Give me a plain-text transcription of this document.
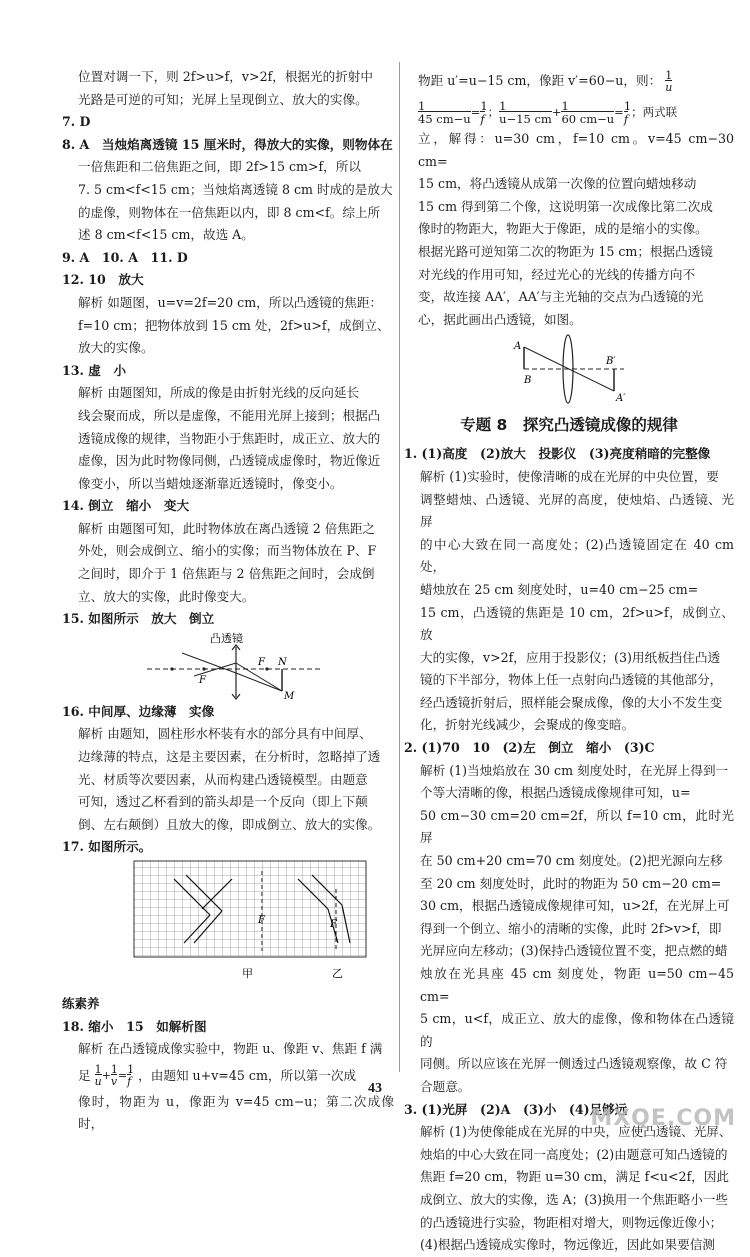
位置对调一下，则 2f>u>f，v>2f，根据光的折射中

光路是可逆的可知；光屏上呈现倒立、放大的实像。

7. D

8. A　当烛焰离透镜 15 厘米时，得放大的实像，则物体在

一倍焦距和二倍焦距之间，即 2f>15 cm>f，所以

7. 5 cm<f<15 cm；当烛焰离透镜 8 cm 时成的是放大

的虚像，则物体在一倍焦距以内，即 8 cm<f。综上所

述 8 cm<f<15 cm，故选 A。

9. A　10. A　11. D

12. 10　放大

解析 如题图，u=v=2f=20 cm，所以凸透镜的焦距：

f=10 cm；把物体放到 15 cm 处，2f>u>f，成倒立、

放大的实像。

13. 虚　小

解析 由题图知，所成的像是由折射光线的反向延长

线会聚而成，所以是虚像，不能用光屏上接到；根据凸

透镜成像的规律，当物距小于焦距时，成正立、放大的

虚像，因为此时物像同侧，凸透镜成虚像时，物近像近

像变小，所以当蜡烛逐渐靠近透镜时，像变小。

14. 倒立　缩小　变大

解析 由题图可知，此时物体放在离凸透镜 2 倍焦距之

外处，则会成倒立、缩小的实像；而当物体放在 P、F

之间时，即介于 1 倍焦距与 2 倍焦距之间时，会成倒

立、放大的实像，此时像变大。

15. 如图所示　放大　倒立

凸透镜
F
F N
M

16. 中间厚、边缘薄　实像

解析 由题知，圆柱形水杯装有水的部分具有中间厚、

边缘薄的特点，这是主要因素，在分析时，忽略掉了透

光、材质等次要因素，从而构建凸透镜模型。由题意

可知，透过乙杯看到的箭头却是一个反向（即上下颠

倒、左右颠倒）且放大的像，即成倒立、放大的实像。

17. 如图所示。

F	F
甲	乙

练素养

18. 缩小　15　如解析图

解析 在凸透镜成像实验中，物距 u、像距 v、焦距 f 满

足 $\frac{1}{u}+\frac{1}{v}=\frac{1}{f}$ ，由题知 u+v=45 cm，所以第一次成

像时，物距为 u，像距为 v=45 cm−u；第二次成像时，

物距 u′=u−15 cm，像距 v′=60−u，则： $\frac{1}{u}$

$\frac{1}{45 cm-u}=\frac{1}{f}$；$\frac{1}{u-15 cm}+\frac{1}{60 cm-u}=\frac{1}{f}$；两式联

立，解得：u=30 cm，f=10 cm。v=45 cm−30 cm=

15 cm，将凸透镜从成第一次像的位置向蜡烛移动

15 cm 得到第二个像，这说明第一次成像比第二次成

像时的物距大，物距大于像距，成的是缩小的实像。

根据光路可逆知第二次的物距为 15 cm；根据凸透镜

对光线的作用可知，经过光心的光线的传播方向不

变，故连接 AA′，AA′与主光轴的交点为凸透镜的光

心，据此画出凸透镜，如图。

A
B
B′
A′

专题 8　探究凸透镜成像的规律

1. (1)高度　(2)放大　投影仪　(3)亮度稍暗的完整像

解析 (1)实验时，使像清晰的成在光屏的中央位置，要

调整蜡烛、凸透镜、光屏的高度，使烛焰、凸透镜、光屏

的中心大致在同一高度处；(2)凸透镜固定在 40 cm 处，

蜡烛放在 25 cm 刻度处时，u=40 cm−25 cm=

15 cm，凸透镜的焦距是 10 cm，2f>u>f，成倒立、放

大的实像，v>2f，应用于投影仪；(3)用纸板挡住凸透

镜的下半部分，物体上任一点射向凸透镜的其他部分，

经凸透镜折射后，照样能会聚成像，像的大小不发生变

化，折射光线减少，会聚成的像变暗。

2. (1)70　10　(2)左　倒立　缩小　(3)C

解析 (1)当烛焰放在 30 cm 刻度处时，在光屏上得到一

个等大清晰的像，根据凸透镜成像规律可知，u=

50 cm−30 cm=20 cm=2f，所以 f=10 cm，此时光屏

在 50 cm+20 cm=70 cm 刻度处。(2)把光源向左移

至 20 cm 刻度处时，此时的物距为 50 cm−20 cm=

30 cm，根据凸透镜成像规律可知，u>2f，在光屏上可

得到一个倒立、缩小的清晰的实像，此时 2f>v>f，即

光屏应向左移动；(3)保持凸透镜位置不变，把点燃的蜡

烛放在光具座 45 cm 刻度处，物距 u=50 cm−45 cm=

5 cm，u<f，成正立、放大的虚像，像和物体在凸透镜的

同侧。所以应该在光屏一侧透过凸透镜观察像，故 C 符

合题意。

3. (1)光屏　(2)A　(3)小　(4)足够远

解析 (1)为使像能成在光屏的中央，应使凸透镜、光屏、

烛焰的中心大致在同一高度处；(2)由题意可知凸透镜的

焦距 f=20 cm，物距 u=30 cm，满足 f<u<2f，因此

成倒立、放大的实像，选 A；(3)换用一个焦距略小一些

的凸透镜进行实验，物距相对增大，则物远像近像小；

(4)根据凸透镜成实像时，物远像近，因此如果要信测

43
MXQE.COM
